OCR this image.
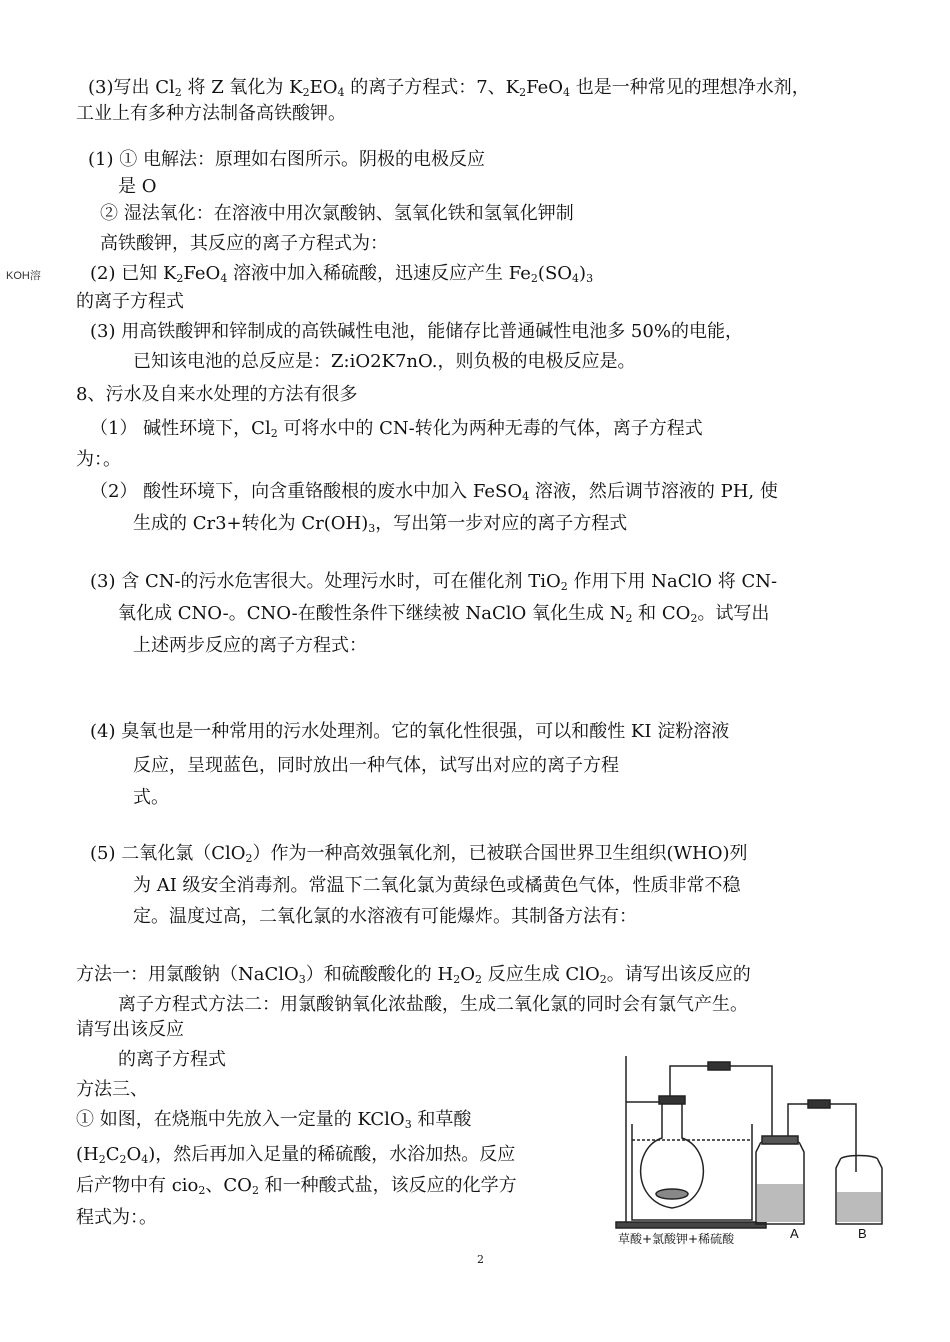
(3)写出 $Cl_2$ 将 Z 氧化为 $K_2EO_4$ 的离子方程式：7、$K_2FeO_4$ 也是一种常见的理想净水剂，
工业上有多种方法制备高铁酸钾。
(1) ① 电解法：原理如右图所示。阴极的电极反应
是 O
② 湿法氧化：在溶液中用次氯酸钠、氢氧化铁和氢氧化钾制
高铁酸钾，其反应的离子方程式为：
KOH溶	(2) 已知 $K_2FeO_4$ 溶液中加入稀硫酸，迅速反应产生 $Fe_2(SO_4)_3$
的离子方程式
(3) 用高铁酸钾和锌制成的高铁碱性电池，能储存比普通碱性电池多 50%的电能，
已知该电池的总反应是：Z:iO2K7nO.，则负极的电极反应是。
8、污水及自来水处理的方法有很多
（1） 碱性环境下，$Cl_2$ 可将水中的 CN-转化为两种无毒的气体，离子方程式
为：。
（2） 酸性环境下，向含重铬酸根的废水中加入 FeSO$_4$ 溶液，然后调节溶液的 PH, 使
生成的 Cr3+转化为 $Cr(OH)_3$，写出第一步对应的离子方程式
(3) 含 CN-的污水危害很大。处理污水时，可在催化剂 TiO$_2$ 作用下用 NaClO 将 CN-
氧化成 CNO-。CNO-在酸性条件下继续被 NaClO 氧化生成 $N_2$ 和 $CO_2$。试写出
上述两步反应的离子方程式：
(4) 臭氧也是一种常用的污水处理剂。它的氧化性很强，可以和酸性 KI 淀粉溶液
反应，呈现蓝色，同时放出一种气体，试写出对应的离子方程
式。
(5) 二氧化氯（ClO$_2$）作为一种高效强氧化剂，已被联合国世界卫生组织(WHO)列
为 AI 级安全消毒剂。常温下二氧化氯为黄绿色或橘黄色气体，性质非常不稳
定。温度过高，二氧化氯的水溶液有可能爆炸。其制备方法有：
方法一：用氯酸钠（NaClO$_3$）和硫酸酸化的 $H_2O_2$ 反应生成 ClO$_2$。请写出该反应的
离子方程式方法二：用氯酸钠氧化浓盐酸，生成二氧化氯的同时会有氯气产生。
请写出该反应
的离子方程式
方法三、
① 如图，在烧瓶中先放入一定量的 KClO$_3$ 和草酸
$(H_2C_2O_4)$，然后再加入足量的稀硫酸，水浴加热。反应
后产物中有 cio$_2$、$CO_2$ 和一种酸式盐，该反应的化学方
程式为：。
A	B
草酸+氯酸钾+稀硫酸
2
